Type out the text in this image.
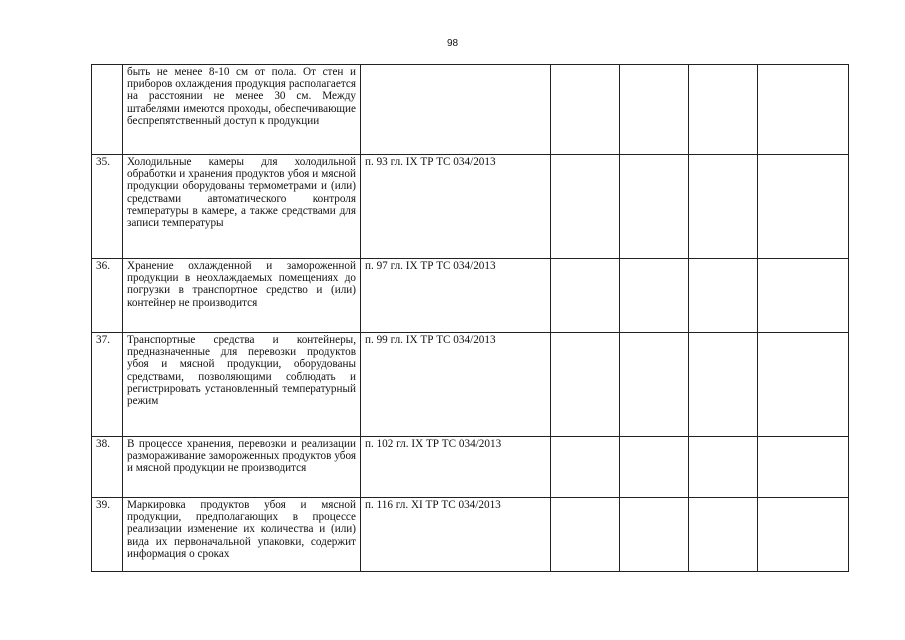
98
	быть не менее 8-10 см от пола. От стен и приборов охлаждения продукция располагается на расстоянии не менее 30 см. Между штабелями имеются проходы, обеспечивающие беспрепятственный доступ к продукции					
35.	Холодильные камеры для холодильной обработки и хранения продуктов убоя и мясной продукции оборудованы термометрами и (или) средствами автоматического контроля температуры в камере, а также средствами для записи температуры	п. 93 гл. IX ТР ТС 034/2013				
36.	Хранение охлажденной и замороженной продукции в неохлаждаемых помещениях до погрузки в транспортное средство и (или) контейнер не производится	п. 97 гл. IX ТР ТС 034/2013				
37.	Транспортные средства и контейнеры, предназначенные для перевозки продуктов убоя и мясной продукции, оборудованы средствами, позволяющими соблюдать и регистрировать установленный температурный режим	п. 99 гл. IX ТР ТС 034/2013				
38.	В процессе хранения, перевозки и реализации размораживание замороженных продуктов убоя и мясной продукции не производится	п. 102 гл. IX ТР ТС 034/2013				
39.	Маркировка продуктов убоя и мясной продукции, предполагающих в процессе реализации изменение их количества и (или) вида их первоначальной упаковки, содержит информация о сроках	п. 116 гл. XI ТР ТС 034/2013				
